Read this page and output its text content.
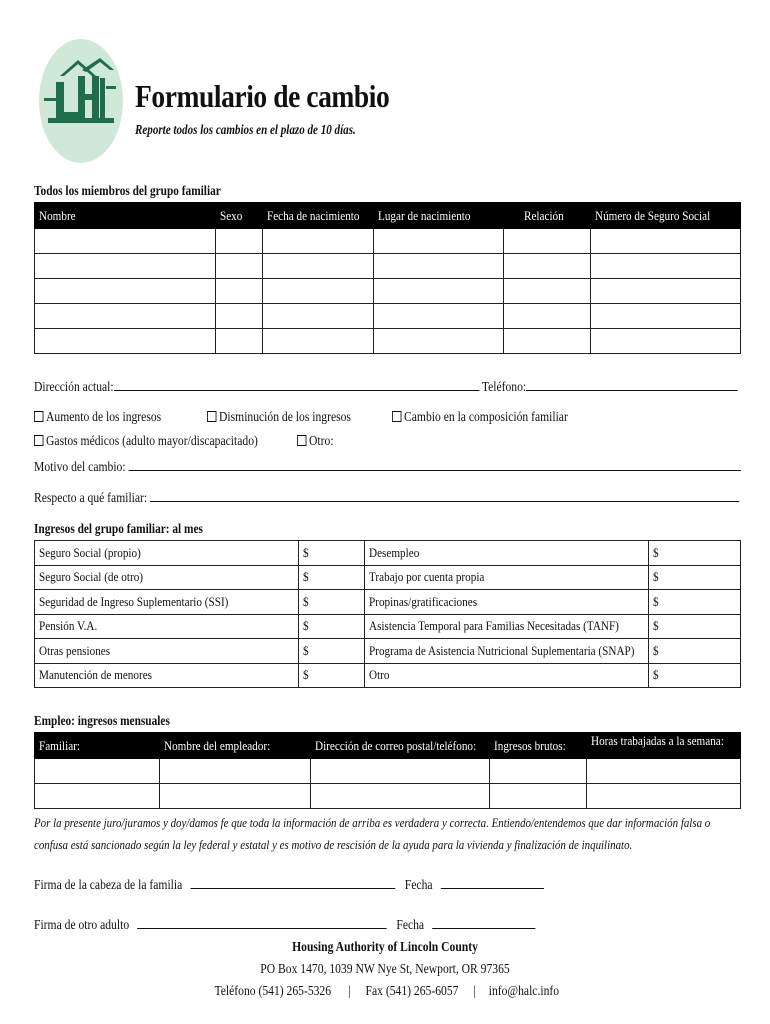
Formulario de cambio
Reporte todos los cambios en el plazo de 10 días.
Todos los miembros del grupo familiar
Nombre	Sexo	Fecha de nacimiento	Lugar de nacimiento	Relación	Número de Seguro Social

Dirección actual:	Teléfono:
Aumento de los ingresos	Disminución de los ingresos	Cambio en la composición familiar
Gastos médicos (adulto mayor/discapacitado)	Otro:
Motivo del cambio:
Respecto a qué familiar:
Ingresos del grupo familiar: al mes
Seguro Social (propio)	$	Desempleo	$
Seguro Social (de otro)	$	Trabajo por cuenta propia	$
Seguridad de Ingreso Suplementario (SSI)	$	Propinas/gratificaciones	$
Pensión V.A.	$	Asistencia Temporal para Familias Necesitadas (TANF)	$
Otras pensiones	$	Programa de Asistencia Nutricional Suplementaria (SNAP)	$
Manutención de menores	$	Otro	$
Empleo: ingresos mensuales
Familiar:	Nombre del empleador:	Dirección de correo postal/teléfono:	Ingresos brutos:	Horas trabajadas a la semana:

Por la presente juro/juramos y doy/damos fe que toda la información de arriba es verdadera y correcta. Entiendo/entendemos que dar información falsa o confusa está sancionado según la ley federal y estatal y es motivo de rescisión de la ayuda para la vivienda y finalización de inquilinato.
Firma de la cabeza de la familia	Fecha
Firma de otro adulto	Fecha
Housing Authority of Lincoln County
PO Box 1470, 1039 NW Nye St, Newport, OR 97365
Teléfono (541) 265-5326 | Fax (541) 265-6057 | info@halc.info
